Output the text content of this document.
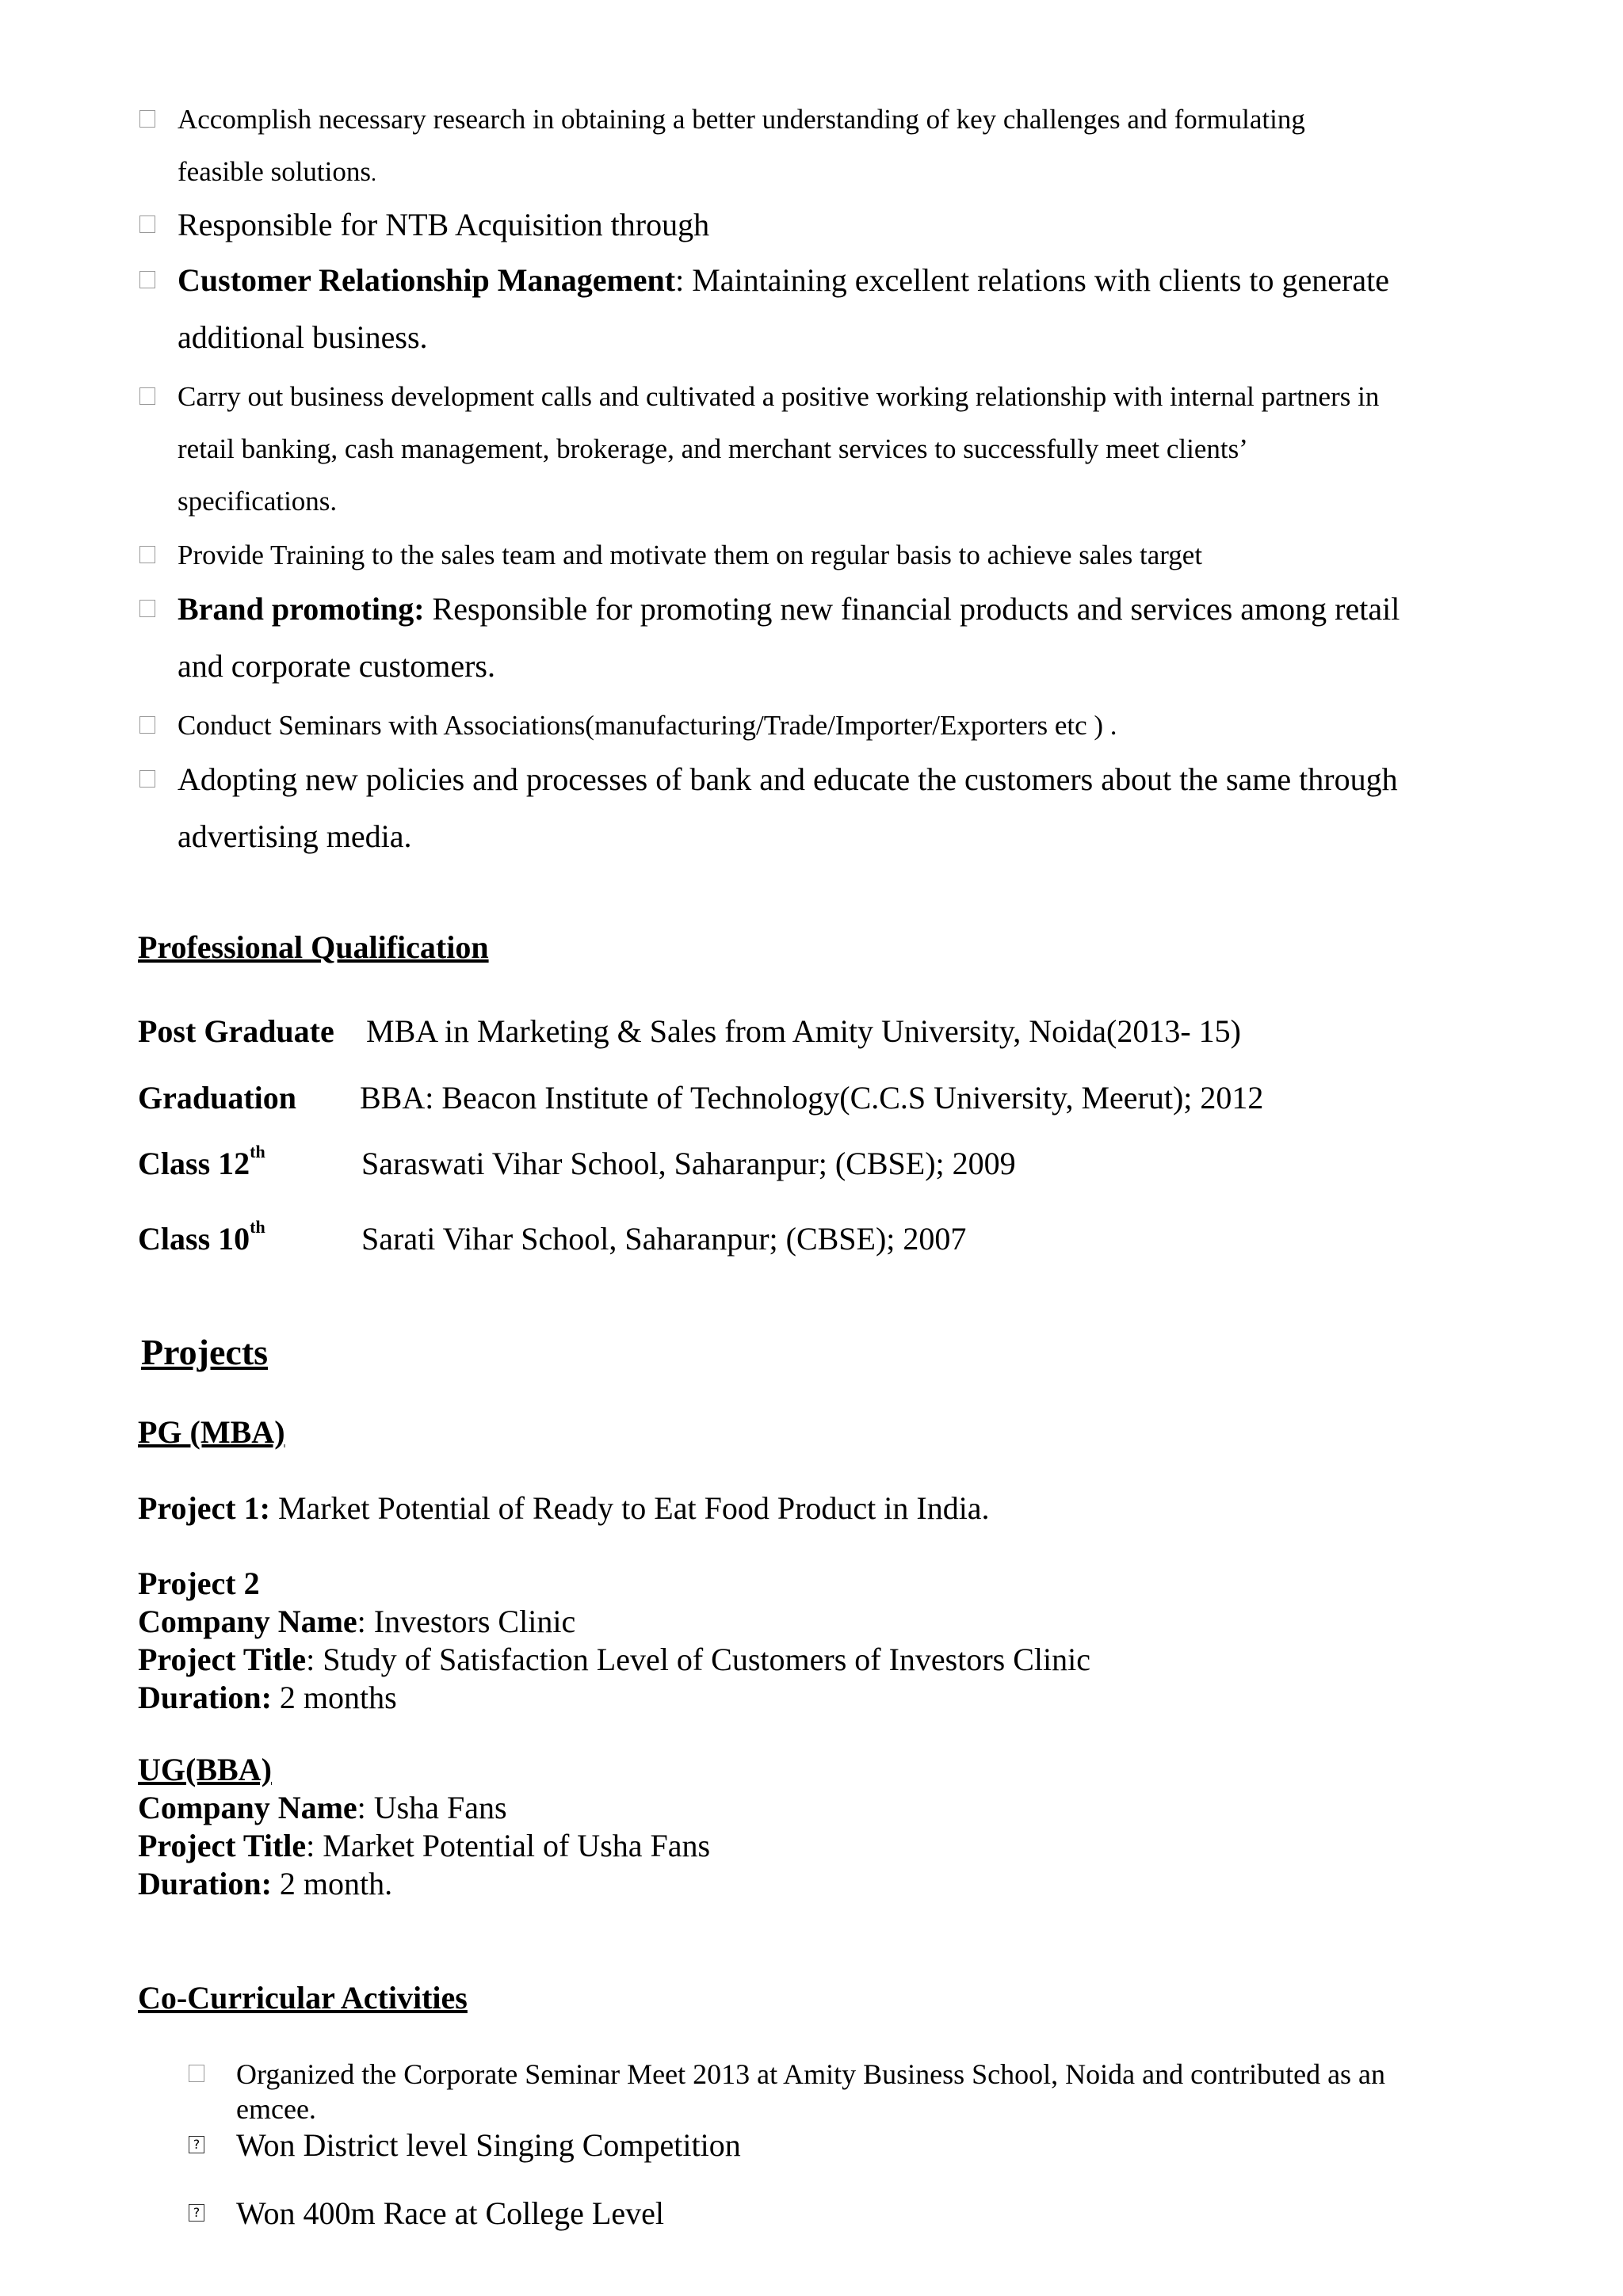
Accomplish necessary research in obtaining a better understanding of key challenges and formulating
feasible solutions.
Responsible for NTB Acquisition through
Customer Relationship Management: Maintaining excellent relations with clients to generate
additional business.
Carry out business development calls and cultivated a positive working relationship with internal partners in
retail banking, cash management, brokerage, and merchant services to successfully meet clients’
specifications.
Provide Training to the sales team and motivate them on regular basis to achieve sales target
Brand promoting: Responsible for promoting new financial products and services among retail
and corporate customers.
Conduct Seminars with Associations(manufacturing/Trade/Importer/Exporters etc ) .
Adopting new policies and processes of bank and educate the customers about the same through
advertising media.
Professional Qualification
Post Graduate MBA in Marketing & Sales from Amity University, Noida(2013- 15)
Graduation BBA: Beacon Institute of Technology(C.C.S University, Meerut); 2012
Class 12th	Saraswati Vihar School, Saharanpur; (CBSE); 2009
Class 10th	Sarati Vihar School, Saharanpur; (CBSE); 2007
Projects
PG (MBA)
Project 1: Market Potential of Ready to Eat Food Product in India.
Project 2
Company Name: Investors Clinic
Project Title: Study of Satisfaction Level of Customers of Investors Clinic
Duration: 2 months
UG(BBA)
Company Name: Usha Fans
Project Title: Market Potential of Usha Fans
Duration: 2 month.
Co-Curricular Activities
Organized the Corporate Seminar Meet 2013 at Amity Business School, Noida and contributed as an
emcee.
? Won District level Singing Competition
? Won 400m Race at College Level
